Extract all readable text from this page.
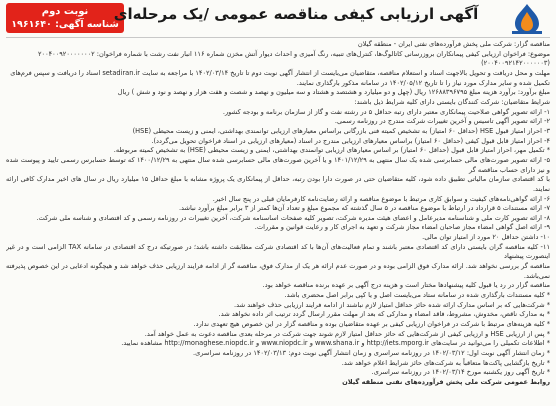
نوبت دوم
شناسه آگهی: ۱۹۶۱۶۴۰
آگهی ارزیابی کیفی مناقصه عمومی /یک مرحله‌ای

مناقصه گزار: شرکت ملی پخش فرآورده‌های نفتی ایران - منطقه گیلان

موضوع: فراخوان ارزیابی کیفی پیمانکاران بروزرسانی کاتالوگ‌ها، کنترل‌های تنبیه، رنگ آمیزی و احداث دیوار آتش مخزن شماره ۱۱۶ انبار نفت رشت با شماره فراخوان: ۲۰۰۴۰۰۹۲۰۰۰۰۰۰۰۲

(۲۰۰۴۰۰۹۲۱۴۲۰۰۰۰۰۰۳)

مهلت و محل دریافت و تحویل بالاجهت اسناد و استعلام مناقصه، متقاضیان می‌بایست از انتشار آگهی نوبت دوم تا تاریخ ۱۴۰۲/۰۳/۱۴ با مراجعه به سایت setadiran.ir اسناد را دریافت و سپس فرم‌های

تکمیل شده و سایر مدارک مورد نیاز را تا تاریخ ۱۴۰۲/۰۵/۱۲ در سامانه مذکور بارگذاری نمایند.

مبلغ برآورد: برآورد هزینه مبلغ ۱۲۶۸۸۳۹۶۷۹۵ ریال (چهل و دو میلیارد و هشتصد و هشتاد و سه میلیون و نهصد و شصت و هفت هزار و نهصد و نود و شش ) ریال

شرایط متقاضیان: شرکت کنندگان بایستی دارای کلیه شرایط ذیل باشند:

۱- ارائه تصویر گواهی صلاحیت پیمانکاری معتبر دارای رتبه حداقل ۵ در رشته نفت و گاز از سازمان برنامه و بودجه کشور.

۲- ارائه تصویر آگهی تاسیس و آخرین تغییرات شرکت مندرج در روزنامه رسمی.

۳- احراز امتیاز قبول HSE (حداقل ۶۰ امتیاز) به تشخیص کمیته فنی بازرگانی براساس معیارهای ارزیابی توانمندی بهداشتی، ایمنی و زیست محیطی (HSE)

۴- احراز امتیاز قابل قبول کیفی (حداقل ۶۰ امتیاز) براساس معیارهای ارزیابی مندرج در اسناد (معیارهای ارزیابی در اسناد فراخوان تحویل می‌گردد).

* تکمیل مهر، احراز امتیاز قابل قبول (حداقل ۶۰ امتیاز) بر اساس معیارهای ارزیابی توانمندی بهداشتی، ایمنی و زیست محیطی (HSE) به تشخیص کمیته مربوطه.

۵- ارائه تصویر صورت‌های مالی حسابرسی شده یک سال منتهی به ۱۴۰۱/۱۲/۲۹ و یا آخرین صورت‌های مالی حسابرسی شده سال منتهی به ۱۴۰۰/۱۲/۲۹ که توسط حسابرس رسمی تایید و پیوست شده و نیز دارای حساب مناقصه گر

با کد اقتصادی سازمان مالیاتی تطبیق داده شود، کلیه متقاضیان حتی در صورت دارا بودن رتبه، حداقل از پیمانکاری یک پروژه مشابه با مبلغ حداقل ۱۵ میلیارد ریال در سال های اخیر مدارک کافی ارائه نمایند.

۶- ارائه گواهی‌نامه‌های کیفیت و سوابق کاری مرتبط با موضوع مناقصه و ارائه رضایت‌نامه کارفرمایان قبلی در پنج سال اخیر.

۷- ارائه مستندات ۵ قرارداد در ارتباط با موضوع مناقصه در ۵ سال گذشته که مجموع مبلغ و تعداد آن‌ها کمتر از ۳ برابر مبلغ برآورد نباشد.

۸- ارائه تصویر کارت ملی و شناسنامه مدیرعامل و اعضای هیئت مدیره شرکت، تصویر کلیه صفحات اساسنامه شرکت، آخرین تغییرات در روزنامه رسمی و کد اقتصادی و شناسه ملی شرکت.

۹- ارائه اصل گواهی امضاء مجاز صاحبان امضاء مجاز شرکت و تعهد به اجرای کار و رعایت قوانین و مقررات.

۱۰- داشتن حداقل ۲۰ مورد از امتیاز توان مالی.

۱۱- کلیه مناقصه گران بایستی دارای کد اقتصادی معتبر باشند و تمام فعالیت‌های آن‌ها با کد اقتصادی شرکت مطابقت داشته باشد؛ در صورتیکه درج کد اقتصادی در سامانه TAX الزامی است و در غیر اینصورت پیشنهاد

مناقصه گر بررسی نخواهد شد. ارائه مدارک فوق الزامی بوده و در صورت عدم ارائه هر یک از مدارک فوق، مناقصه گر از ادامه فرایند ارزیابی حذف خواهد شد و هیچگونه ادعایی در این خصوص پذیرفته نمی‌باشد.

مناقصه گزار در رد یا قبول کلیه پیشنهادها مختار است و هزینه درج آگهی بر عهده برنده مناقصه خواهد بود.

* کلیه مستندات بارگذاری شده در سامانه ستاد می‌بایست اصل و یا کپی برابر اصل محضری باشد.

* شرکت‌هایی که بر اساس مدارک ارائه شده حائز حداقل امتیاز لازم نباشند از ادامه فرایند ارزیابی حذف خواهند شد.

* به مدارک ناقص، مخدوش، مشروط، فاقد امضاء و مدارکی که بعد از مهلت مقرر ارسال گردد ترتیب اثر داده نخواهد شد.

* کلیه هزینه‌های مرتبط با شرکت در فراخوان ارزیابی کیفی بر عهده متقاضیان بوده و مناقصه گزار در این خصوص هیچ تعهدی ندارد.

* پس از ارزیابی HSE و ارزیابی کیفی از شرکت‌هایی که حائز حداقل امتیاز لازم شوند جهت شرکت در مرحله بعدی مناقصه دعوت به عمل خواهد آمد.

* اطلاعات تکمیلی را می‌توانید در سایت‌های http://iets.mporg.ir و www.shana.ir و www.niopdc.ir و http://monaghese.niopdc.ir مشاهده نمایید.

* زمان انتشار آگهی نوبت اول: ۱۴۰۲/۰۳/۱۲ در روزنامه سراسری و زمان انتشار آگهی نوبت دوم: ۱۴۰۲/۰۳/۱۳ در روزنامه سراسری.

* تاریخ بازگشایی پاکت‌ها متعاقباً به شرکت‌های حائز شرایط اعلام خواهد شد.

* تاریخ آگهی روز یکشنبه مورخ ۱۴۰۲/۰۳/۱۴ در روزنامه سراسری.

روابط عمومی شرکت ملی پخش فرآورده‌های نفتی منطقه گیلان
